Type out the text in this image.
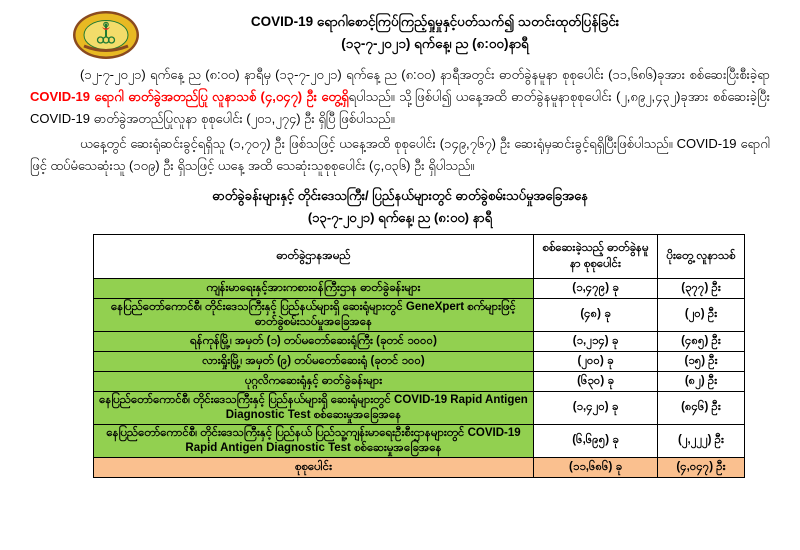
COVID-19 ရောဂါစောင့်ကြပ်ကြည့်ရှုမှုနှင့်ပတ်သက်၍ သတင်းထုတ်ပြန်ခြင်း
(၁၃-၇-၂၀၂၁) ရက်နေ့၊ ည (၈:၀၀)နာရီ

(၁၂-၇-၂၀၂၁) ရက်နေ့ ည (၈:၀၀) နာရီမှ (၁၃-၇-၂၀၂၁) ရက်နေ့ ည (၈:၀၀) နာရီအတွင်း ဓာတ်ခွဲနမူနာ စုစုပေါင်း (၁၁,၆၈၆)ခုအား စစ်ဆေးပြီးစီးခဲ့ရာ COVID-19 ရောဂါ ဓာတ်ခွဲအတည်ပြု လူနာသစ် (၄,၀၄၇) ဦး တွေ့ရှိရပါသည်။ သို့ဖြစ်ပါ၍ ယနေ့အထိ ဓာတ်ခွဲနမူနာစုစုပေါင်း (၂,၈၉၂,၄၃၂)ခုအား စစ်ဆေးခဲ့ပြီး COVID-19 ဓာတ်ခွဲအတည်ပြုလူနာ စုစုပေါင်း (၂၀၁,၂၇၄) ဦး ရှိပြီ ဖြစ်ပါသည်။

ယနေ့တွင် ဆေးရုံဆင်းခွင့်ရရှိသူ (၁,၇၀၇) ဦး ဖြစ်သဖြင့် ယနေ့အထိ စုစုပေါင်း (၁၄၉,၇၆၇) ဦး ဆေးရုံမှဆင်းခွင့်ရရှိပြီးဖြစ်ပါသည်။ COVID-19 ရောဂါဖြင့် ထပ်မံသေဆုံးသူ (၁၀၉) ဦး ရှိသဖြင့် ယနေ့ အထိ သေဆုံးသူစုစုပေါင်း (၄,၀၃၆) ဦး ရှိပါသည်။

ဓာတ်ခွဲခန်းများနှင့် တိုင်းဒေသကြီး/ ပြည်နယ်များတွင် ဓာတ်ခွဲစမ်းသပ်မှုအခြေအနေ
(၁၃-၇-၂၀၂၁) ရက်နေ့၊ ည (၈:၀၀) နာရီ
ဓာတ်ခွဲဌာနအမည်	စစ်ဆေးခဲ့သည့် ဓာတ်ခွဲနမူနာ စုစုပေါင်း	ပိုးတွေ့ လူနာသစ်
ကျန်းမာရေးနှင့်အားကစားဝန်ကြီးဌာန ဓာတ်ခွဲခန်းများ	(၁,၄၇၉) ခု	(၃၇၇) ဦး
နေပြည်တော်ကောင်စီ၊ တိုင်းဒေသကြီးနှင့် ပြည်နယ်များရှိ ဆေးရုံများတွင် GeneXpert စက်များဖြင့် ဓာတ်ခွဲစမ်းသပ်မှုအခြေအနေ	(၄၈) ခု	(၂၀) ဦး
ရန်ကုန်မြို့၊ အမှတ် (၁) တပ်မတော်ဆေးရုံကြီး (ခုတင် ၁၀၀၀)	(၁,၂၁၄) ခု	(၄၈၅) ဦး
လားရှိုးမြို့၊ အမှတ် (၉) တပ်မတော်ဆေးရုံ (ခုတင် ၁၀၀)	(၂၀၀) ခု	(၁၅) ဦး
ပုဂ္ဂလိကဆေးရုံနှင့် ဓာတ်ခွဲခန်းများ	(၆၃၀) ခု	(၈၂) ဦး
နေပြည်တော်ကောင်စီ၊ တိုင်းဒေသကြီးနှင့် ပြည်နယ်များရှိ ဆေးရုံများတွင် COVID-19 Rapid Antigen Diagnostic Test စစ်ဆေးမှုအခြေအနေ	(၁,၄၂၀) ခု	(၈၄၆) ဦး
နေပြည်တော်ကောင်စီ၊ တိုင်းဒေသကြီးနှင့် ပြည်နယ် ပြည်သူ့ကျန်းမာရေးဦးစီးဌာနများတွင် COVID-19 Rapid Antigen Diagnostic Test စစ်ဆေးမှုအခြေအနေ	(၆,၆၉၅) ခု	(၂,၂၂၂) ဦး
စုစုပေါင်း	(၁၁,၆၈၆) ခု	(၄,၀၄၇) ဦး
